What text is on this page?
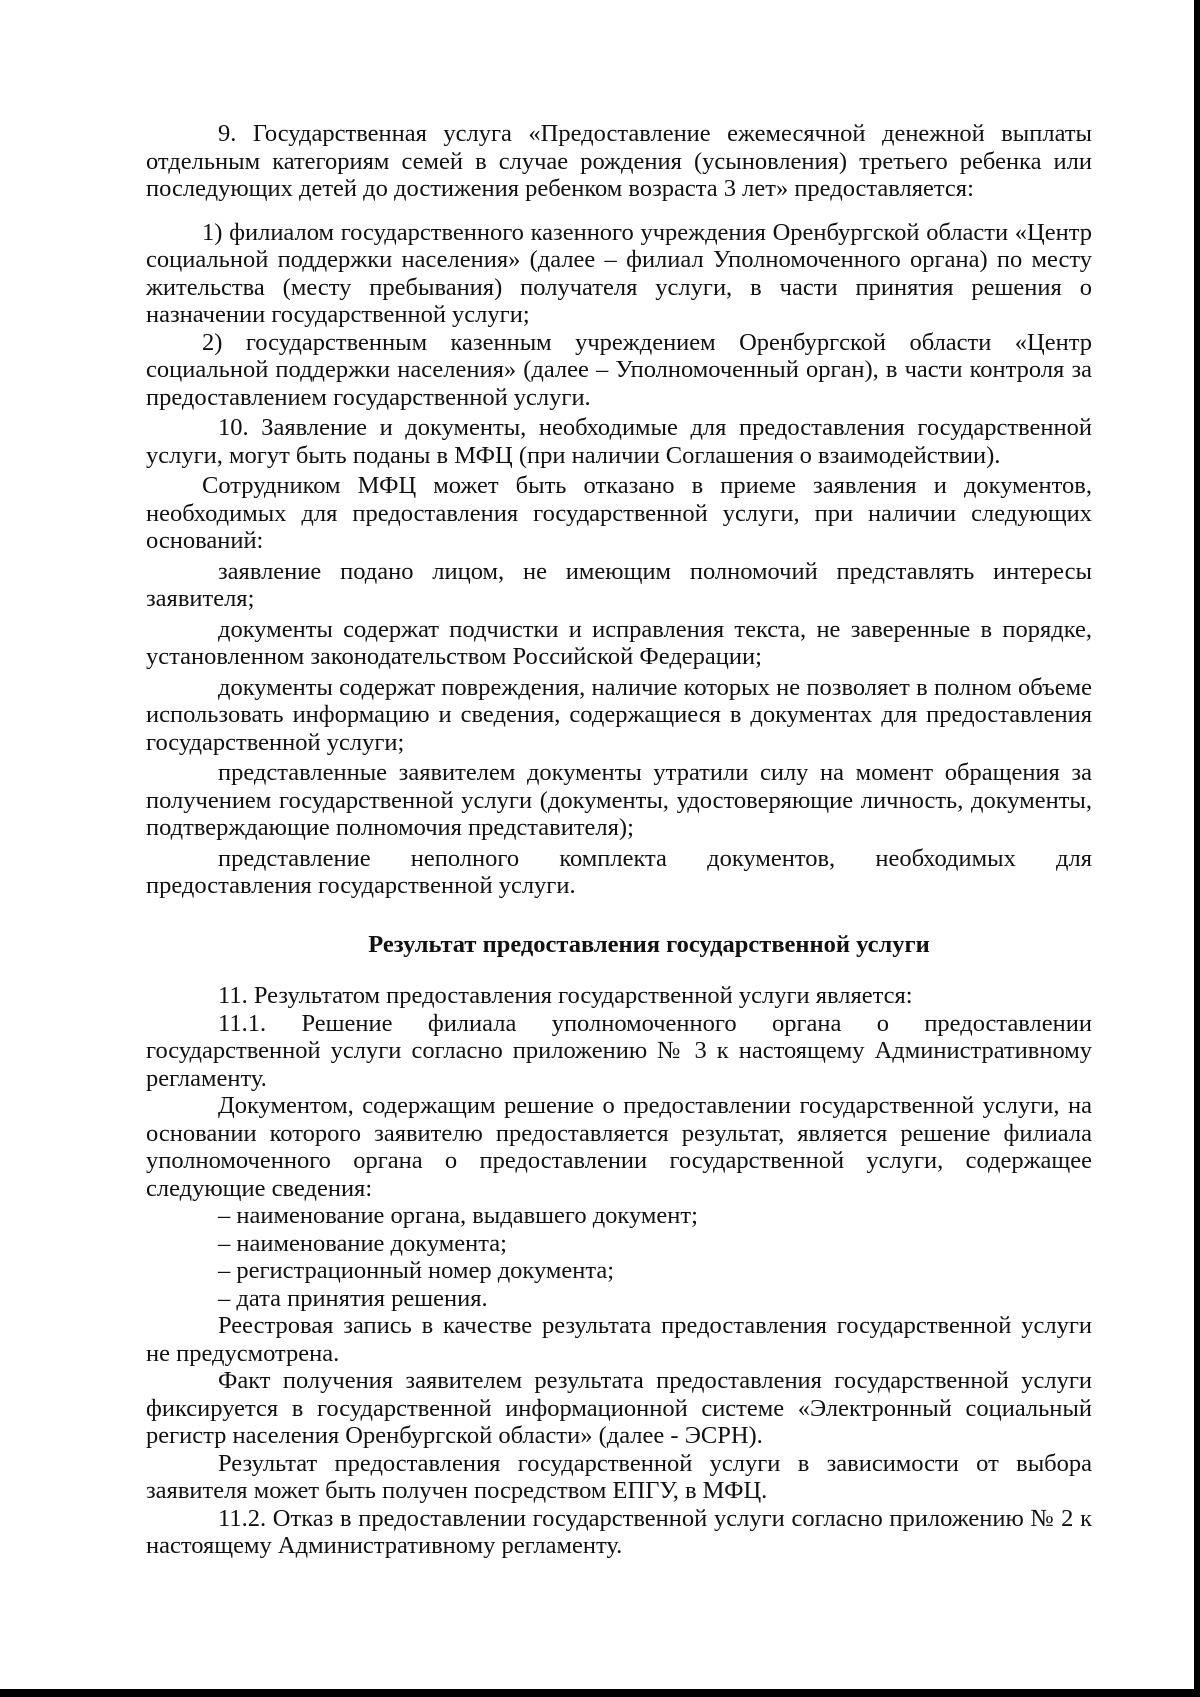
9. Государственная услуга «Предоставление ежемесячной денежной выплаты отдельным категориям семей в случае рождения (усыновления) третьего ребенка или последующих детей до достижения ребенком возраста 3 лет» предоставляется:

1) филиалом государственного казенного учреждения Оренбургской области «Центр социальной поддержки населения» (далее – филиал Уполномоченного органа) по месту жительства (месту пребывания) получателя услуги, в части принятия решения о назначении государственной услуги;

2) государственным казенным учреждением Оренбургской области «Центр социальной поддержки населения» (далее – Уполномоченный орган), в части контроля за предоставлением государственной услуги.

10. Заявление и документы, необходимые для предоставления государственной услуги, могут быть поданы в МФЦ (при наличии Соглашения о взаимодействии).

Сотрудником МФЦ может быть отказано в приеме заявления и документов, необходимых для предоставления государственной услуги, при наличии следующих оснований:

заявление подано лицом, не имеющим полномочий представлять интересы заявителя;

документы содержат подчистки и исправления текста, не заверенные в порядке, установленном законодательством Российской Федерации;

документы содержат повреждения, наличие которых не позволяет в полном объеме использовать информацию и сведения, содержащиеся в документах для предоставления государственной услуги;

представленные заявителем документы утратили силу на момент обращения за получением государственной услуги (документы, удостоверяющие личность, документы, подтверждающие полномочия представителя);

представление неполного комплекта документов, необходимых для предоставления государственной услуги.

Результат предоставления государственной услуги

11. Результатом предоставления государственной услуги является:

11.1. Решение филиала уполномоченного органа о предоставлении государственной услуги согласно приложению № 3 к настоящему Административному регламенту.

Документом, содержащим решение о предоставлении государственной услуги, на основании которого заявителю предоставляется результат, является решение филиала уполномоченного органа о предоставлении государственной услуги, содержащее следующие сведения:

– наименование органа, выдавшего документ;

– наименование документа;

– регистрационный номер документа;

– дата принятия решения.

Реестровая запись в качестве результата предоставления государственной услуги не предусмотрена.

Факт получения заявителем результата предоставления государственной услуги фиксируется в государственной информационной системе «Электронный социальный регистр населения Оренбургской области» (далее - ЭСРН).

Результат предоставления государственной услуги в зависимости от выбора заявителя может быть получен посредством ЕПГУ, в МФЦ.

11.2. Отказ в предоставлении государственной услуги согласно приложению № 2 к настоящему Административному регламенту.
